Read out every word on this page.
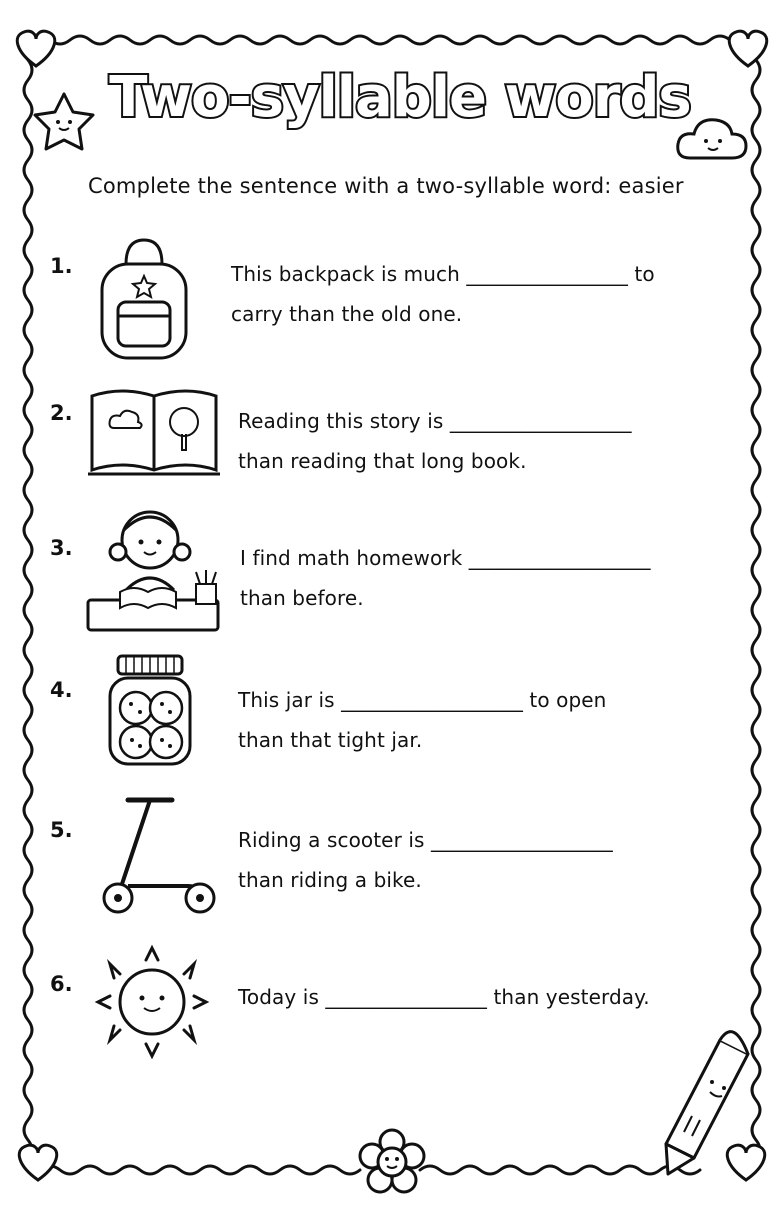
Two-syllable words
Complete the sentence with a two-syllable word: easier
1.	This backpack is much ________________ to
carry than the old one.
2.	Reading this story is __________________
than reading that long book.
3.	I find math homework __________________
than before.
4.	This jar is __________________ to open
than that tight jar.
5.	Riding a scooter is __________________
than riding a bike.
6.
Today is ________________ than yesterday.
